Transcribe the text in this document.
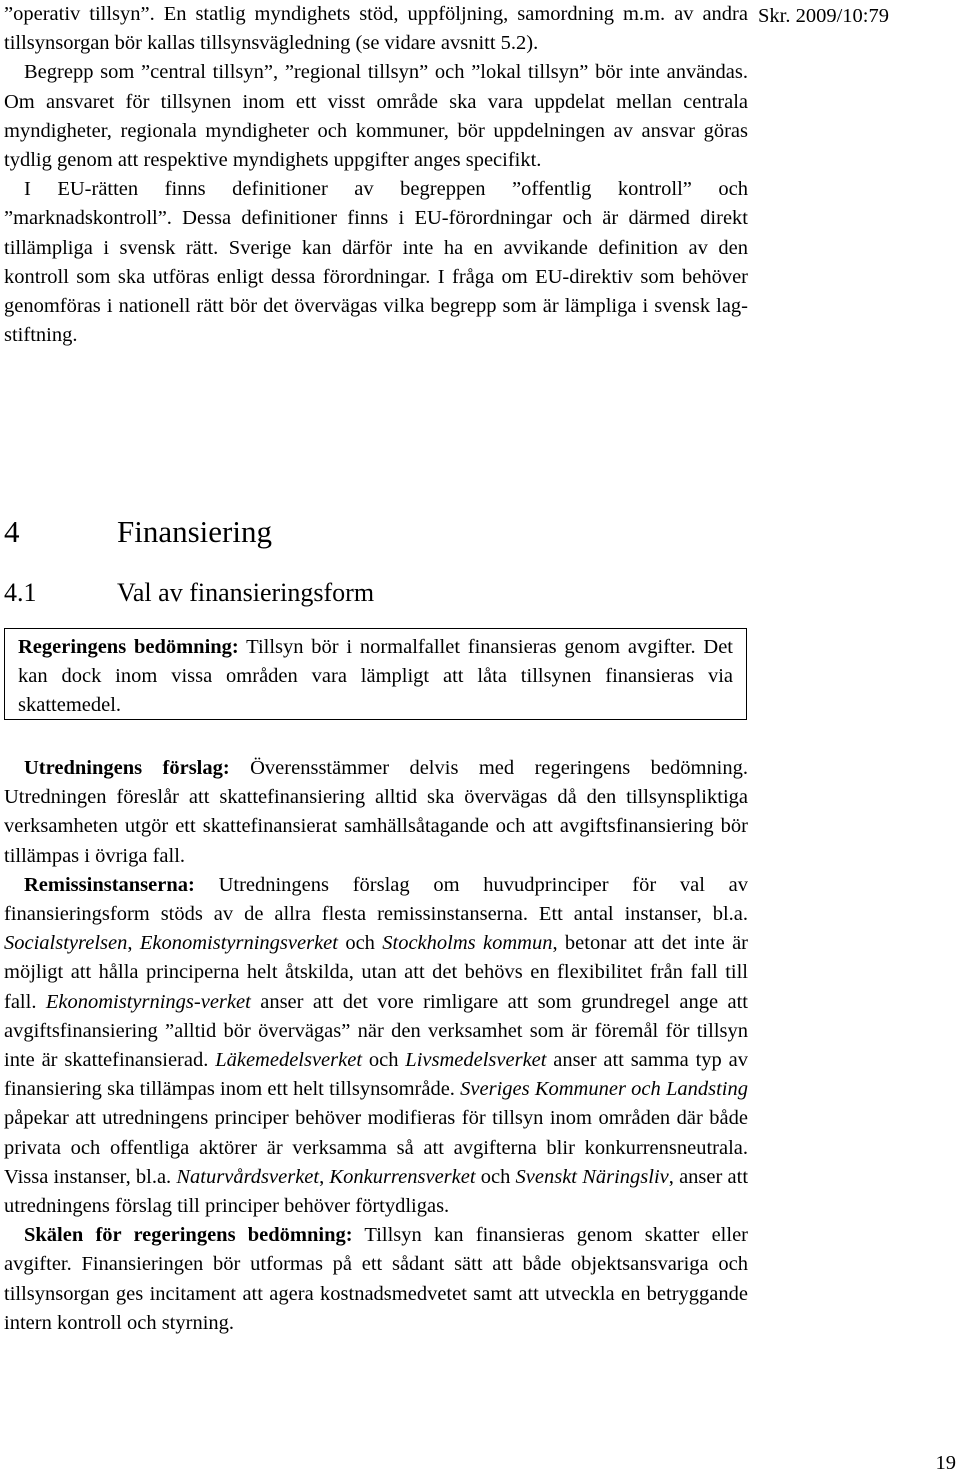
Skr. 2009/10:79

”operativ tillsyn”. En statlig myndighets stöd, uppföljning, samordning m.m. av andra tillsynsorgan bör kallas tillsynsvägledning (se vidare avsnitt 5.2).

Begrepp som ”central tillsyn”, ”regional tillsyn” och ”lokal tillsyn” bör inte användas. Om ansvaret för tillsynen inom ett visst område ska vara uppdelat mellan centrala myndigheter, regionala myndigheter och kommuner, bör uppdelningen av ansvar göras tydlig genom att respektive myndighets uppgifter anges specifikt.

I EU-rätten finns definitioner av begreppen ”offentlig kontroll” och ”marknadskontroll”. Dessa definitioner finns i EU-förordningar och är därmed direkt tillämpliga i svensk rätt. Sverige kan därför inte ha en avvikande definition av den kontroll som ska utföras enligt dessa förordningar. I fråga om EU-direktiv som behöver genomföras i nationell rätt bör det övervägas vilka begrepp som är lämpliga i svensk lag-stiftning.

4	Finansiering
4.1	Val av finansieringsform
Regeringens bedömning: Tillsyn bör i normalfallet finansieras genom avgifter. Det kan dock inom vissa områden vara lämpligt att låta tillsynen finansieras via skattemedel.

Utredningens förslag: Överensstämmer delvis med regeringens bedömning. Utredningen föreslår att skattefinansiering alltid ska övervägas då den tillsynspliktiga verksamheten utgör ett skattefinansierat samhällsåtagande och att avgiftsfinansiering bör tillämpas i övriga fall.

Remissinstanserna: Utredningens förslag om huvudprinciper för val av finansieringsform stöds av de allra flesta remissinstanserna. Ett antal instanser, bl.a. Socialstyrelsen, Ekonomistyrningsverket och Stockholms kommun, betonar att det inte är möjligt att hålla principerna helt åtskilda, utan att det behövs en flexibilitet från fall till fall. Ekonomistyrnings-verket anser att det vore rimligare att som grundregel ange att avgiftsfinansiering ”alltid bör övervägas” när den verksamhet som är föremål för tillsyn inte är skattefinansierad. Läkemedelsverket och Livsmedelsverket anser att samma typ av finansiering ska tillämpas inom ett helt tillsynsområde. Sveriges Kommuner och Landsting påpekar att utredningens principer behöver modifieras för tillsyn inom områden där både privata och offentliga aktörer är verksamma så att avgifterna blir konkurrensneutrala. Vissa instanser, bl.a. Naturvårdsverket, Konkurrensverket och Svenskt Näringsliv, anser att utredningens förslag till principer behöver förtydligas.

Skälen för regeringens bedömning: Tillsyn kan finansieras genom skatter eller avgifter. Finansieringen bör utformas på ett sådant sätt att både objektsansvariga och tillsynsorgan ges incitament att agera kostnadsmedvetet samt att utveckla en betryggande intern kontroll och styrning.

19
